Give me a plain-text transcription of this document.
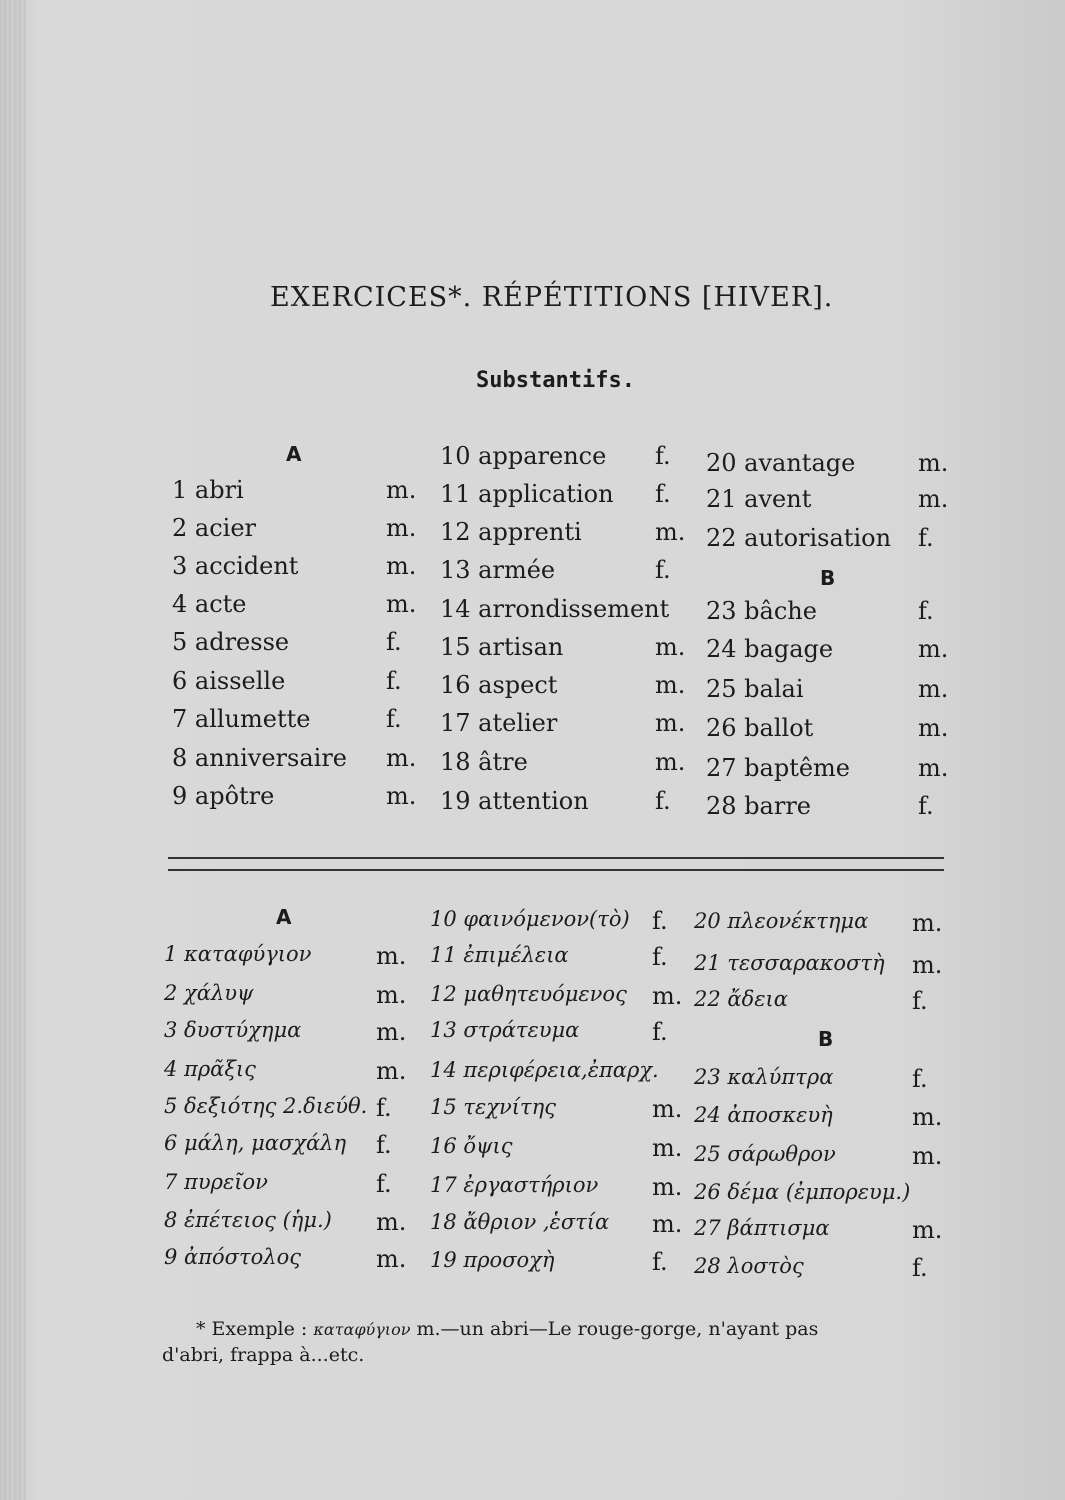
EXERCICES*. RÉPÉTITIONS [HIVER].
Substantifs.
A
B
1 abri	m.
2 acier	m.
3 accident	m.
4 acte	m.
5 adresse	f.
6 aisselle	f.
7 allumette	f.
8 anniversaire m.
9 apôtre	m.
10 apparence f.
11 application f.
12 apprenti	m.
13 armée	f.
14 arrondissement
15 artisan	m.
16 aspect	m.
17 atelier	m.
18 âtre	m.
19 attention	f.
20 avantage	m.
21 avent	m.
22 autorisation f.
23 bâche	f.
24 bagage	m.
25 balai	m.
26 ballot	m.
27 baptême	m.
28 barre	f.
A
B
1 καταφύγιον	m.
2 χάλυψ	m.
3 δυστύχημα	m.
4 πρᾶξις	m.
5 δεξιότης 2.διεύθ. f.
6 μάλη, μασχάλη f.
7 πυρεῖον	f.
8 ἐπέτειος (ἡμ.) m.
9 ἀπόστολος	m.
10 φαινόμενον(τὸ) f.
11 ἐπιμέλεια	f.
12 μαθητευόμενος m.
13 στράτευμα	f.
14 περιφέρεια,ἐπαρχ.
15 τεχνίτης	m.
16 ὄψις	m.
17 ἐργαστήριον m.
18 ἄθριον ,ἑστία m.
19 προσοχὴ	f.
20 πλεονέκτημα m.
21 τεσσαρακοστὴ m.
22 ἄδεια	f.
23 καλύπτρα	f.
24 ἀποσκευὴ	m.
25 σάρωθρον	m.
26 δέμα (ἐμπορευμ.)
27 βάπτισμα	m.
28 λοστὸς	f.
* Exemple : καταφύγιον m.—un abri—Le rouge-gorge, n'ayant pas
d'abri, frappa à...etc.
